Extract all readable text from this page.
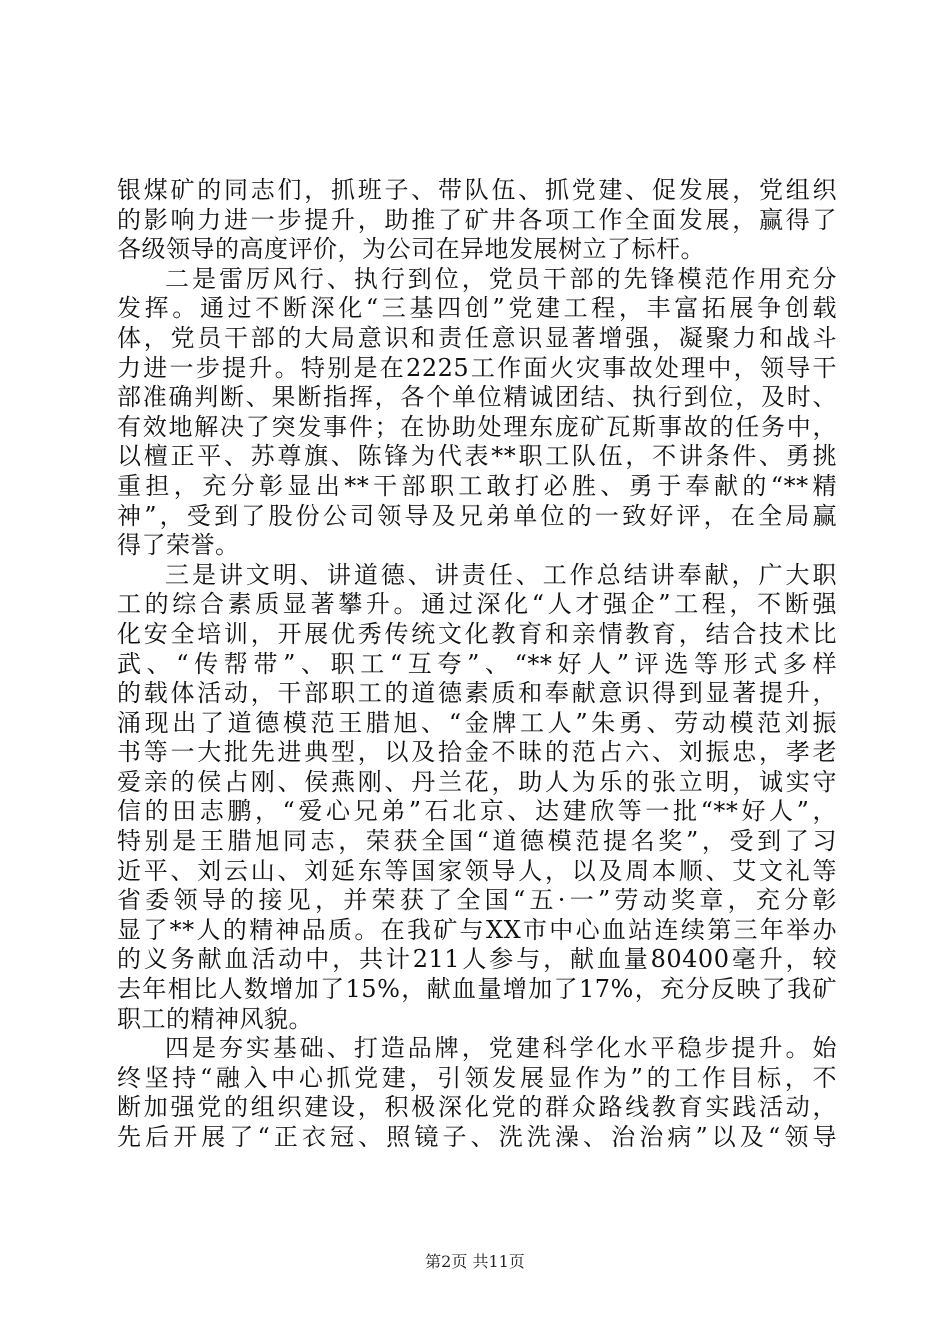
银煤矿的同志们，抓班子、带队伍、抓党建、促发展，党组织
的影响力进一步提升，助推了矿井各项工作全面发展，赢得了
各级领导的高度评价，为公司在异地发展树立了标杆。
二是雷厉风行、执行到位，党员干部的先锋模范作用充分
发挥。通过不断深化“三基四创”党建工程，丰富拓展争创载
体，党员干部的大局意识和责任意识显著增强，凝聚力和战斗
力进一步提升。特别是在2225工作面火灾事故处理中，领导干
部准确判断、果断指挥，各个单位精诚团结、执行到位，及时、
有效地解决了突发事件；在协助处理东庞矿瓦斯事故的任务中，
以檀正平、苏尊旗、陈锋为代表**职工队伍，不讲条件、勇挑
重担，充分彰显出**干部职工敢打必胜、勇于奉献的“**精
神”，受到了股份公司领导及兄弟单位的一致好评，在全局赢
得了荣誉。
三是讲文明、讲道德、讲责任、工作总结讲奉献，广大职
工的综合素质显著攀升。通过深化“人才强企”工程，不断强
化安全培训，开展优秀传统文化教育和亲情教育，结合技术比
武、“传帮带”、职工“互夸”、“**好人”评选等形式多样
的载体活动，干部职工的道德素质和奉献意识得到显著提升，
涌现出了道德模范王腊旭、“金牌工人”朱勇、劳动模范刘振
书等一大批先进典型，以及拾金不昧的范占六、刘振忠，孝老
爱亲的侯占刚、侯燕刚、丹兰花，助人为乐的张立明，诚实守
信的田志鹏，“爱心兄弟”石北京、达建欣等一批“**好人”，
特别是王腊旭同志，荣获全国“道德模范提名奖”，受到了习
近平、刘云山、刘延东等国家领导人，以及周本顺、艾文礼等
省委领导的接见，并荣获了全国“五·一”劳动奖章，充分彰
显了**人的精神品质。在我矿与XX市中心血站连续第三年举办
的义务献血活动中，共计211人参与，献血量80400毫升，较
去年相比人数增加了15%，献血量增加了17%，充分反映了我矿
职工的精神风貌。
四是夯实基础、打造品牌，党建科学化水平稳步提升。始
终坚持“融入中心抓党建，引领发展显作为”的工作目标，不
断加强党的组织建设，积极深化党的群众路线教育实践活动，
先后开展了“正衣冠、照镜子、洗洗澡、治治病”以及“领导
第2页 共11页
